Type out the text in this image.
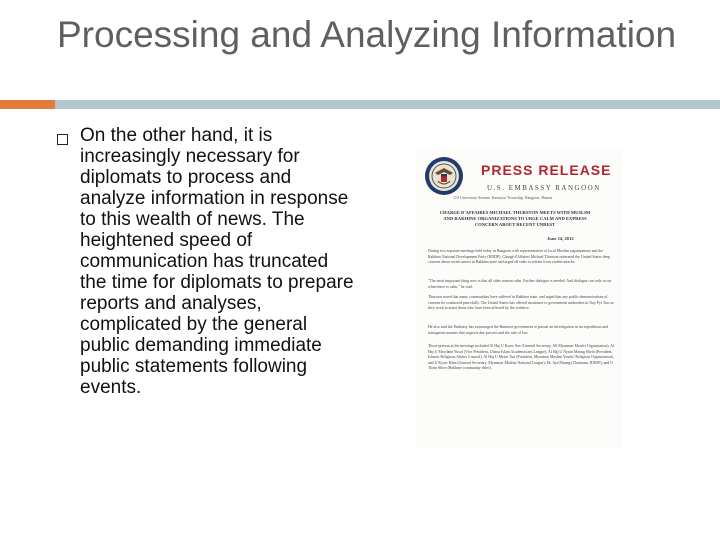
Processing and Analyzing Information

On the other hand, it is increasingly necessary for diplomats to process and analyze information in response to this wealth of news. The heightened speed of communication has truncated the time for diplomats to prepare reports and analyses, complicated by the general public demanding immediate public statements following events.

PRESS RELEASE
U.S. EMBASSY RANGOON
110 University Avenue, Kamayut Township, Rangoon, Burma
CHARGE D'AFFAIRES MICHAEL THURSTON MEETS WITH MUSLIM AND RAKHINE ORGANIZATIONS TO URGE CALM AND EXPRESS CONCERN ABOUT RECENT UNREST
June 14, 2012

During two separate meetings held today in Rangoon with representatives of local Muslim organizations and the Rakhine National Development Party (RNDP), Chargé d'Affaires Michael Thurston reiterated the United States deep concern about recent unrest in Rakhine state and urged all sides to refrain from violent attacks.

"The most important thing now is that all sides remain calm. Further dialogue is needed. And dialogue can only occur when there is calm," he said.

Thurston noted that many communities have suffered in Rakhine state, and urged that any public demonstrations of concern be conducted peacefully. The United States has offered assistance to government authorities in Nay Pyi Taw as they work to assist those who have been affected by the violence.

He also said the Embassy has encouraged the Burmese government to pursue an investigation in an expeditious and transparent manner that respects due process and the rule of law.

Those present at the meetings included Al Haj U Kyaw Soe (General Secretary, All Myanmar Moulvi Organization), Al Haj U Mowlana Yusuf (Vice President, Ulama Islam Academicians League), Al Haj U Nyunt Maung Shein (President, Islamic Religious Affairs Council), Al Haj U Myint Tun (President, Myanmar Muslim Youths' Religious Organization), and U Kyaw Khin (General Secretary, Myanmar Muslim National League); Dr. Aye Maung (Chairman, RNDP), and U Thein Shwe (Rakhine community elder).
